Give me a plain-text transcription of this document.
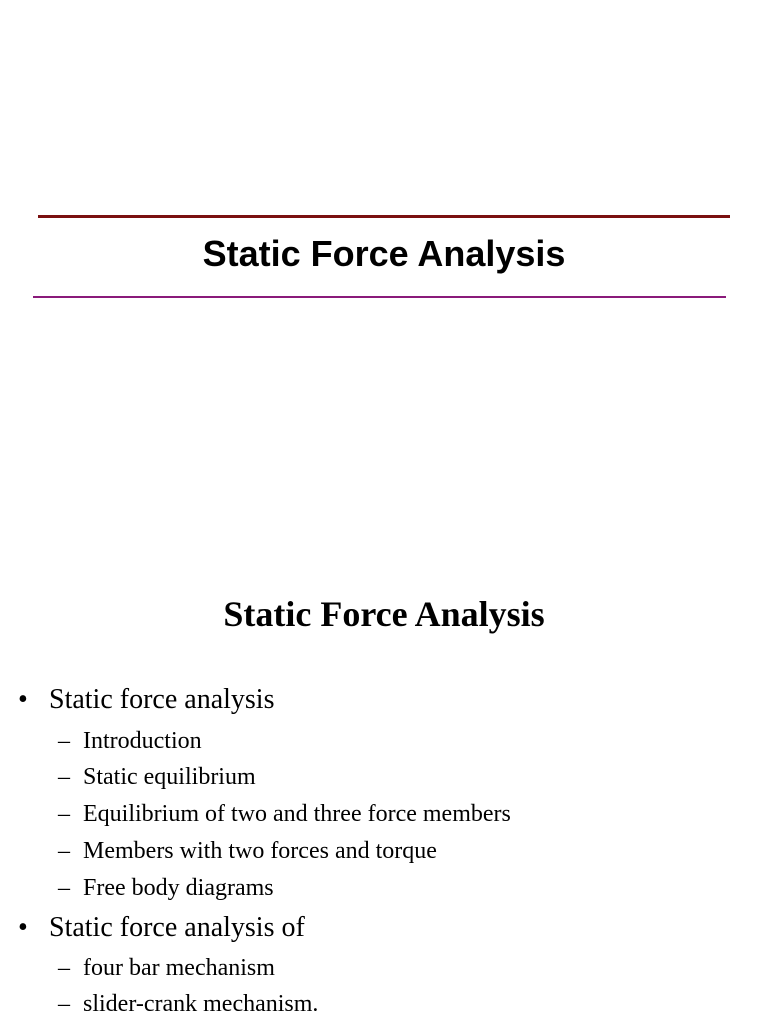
Static Force Analysis
Static Force Analysis
• Static force analysis
– Introduction
– Static equilibrium
– Equilibrium of two and three force members
– Members with two forces and torque
– Free body diagrams
• Static force analysis of
– four bar mechanism
– slider-crank mechanism.
